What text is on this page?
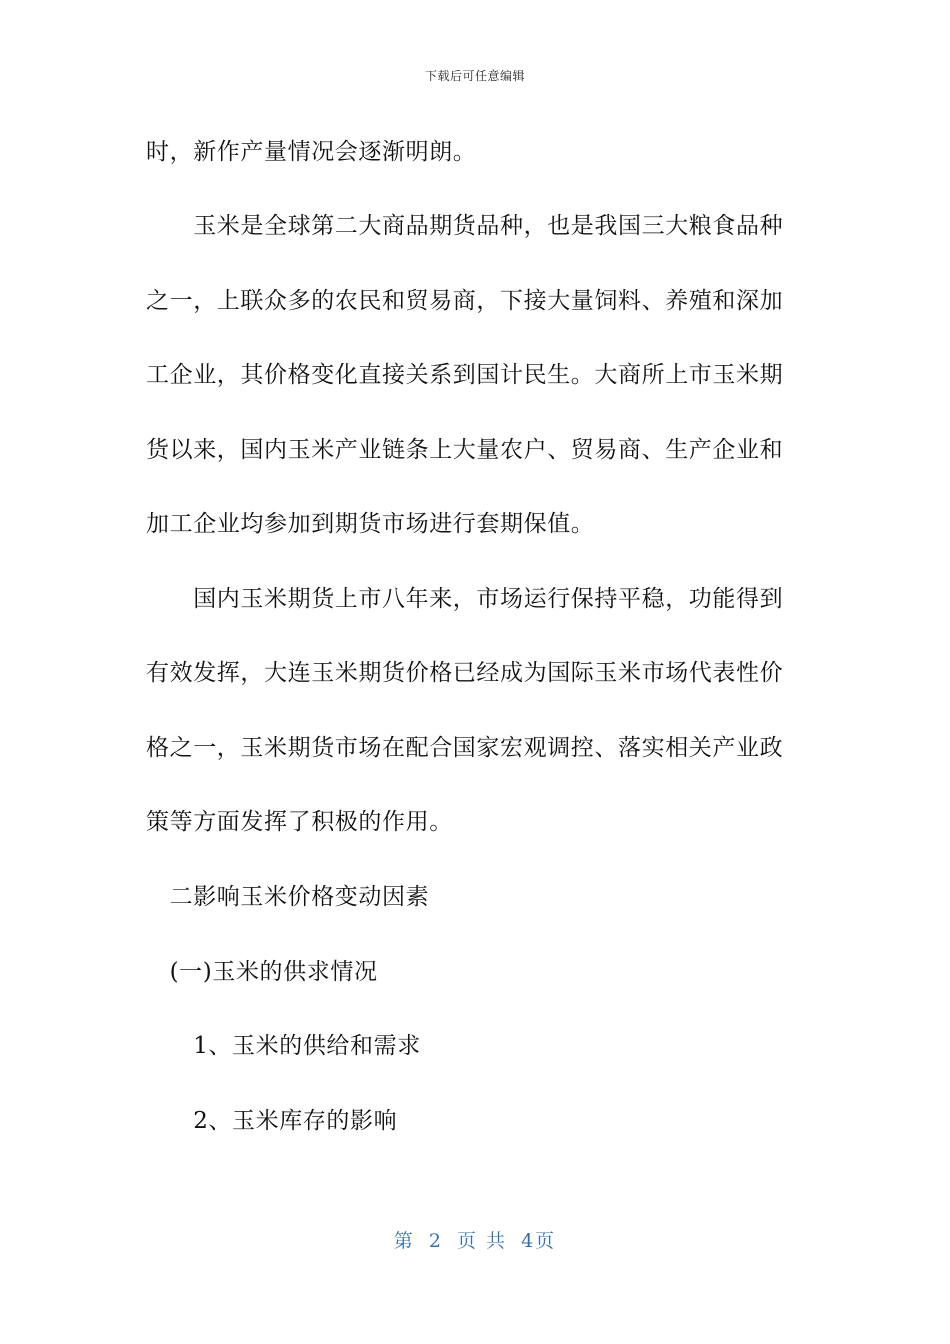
下载后可任意编辑
时，新作产量情况会逐渐明朗。
　　玉米是全球第二大商品期货品种，也是我国三大粮食品种
之一，上联众多的农民和贸易商，下接大量饲料、养殖和深加
工企业，其价格变化直接关系到国计民生。大商所上市玉米期
货以来，国内玉米产业链条上大量农户、贸易商、生产企业和
加工企业均参加到期货市场进行套期保值。
　　国内玉米期货上市八年来，市场运行保持平稳，功能得到
有效发挥，大连玉米期货价格已经成为国际玉米市场代表性价
格之一，玉米期货市场在配合国家宏观调控、落实相关产业政
策等方面发挥了积极的作用。
　二影响玉米价格变动因素
　(一)玉米的供求情况
　　1、玉米的供给和需求
　　2、玉米库存的影响
第 2 页 共 4页
